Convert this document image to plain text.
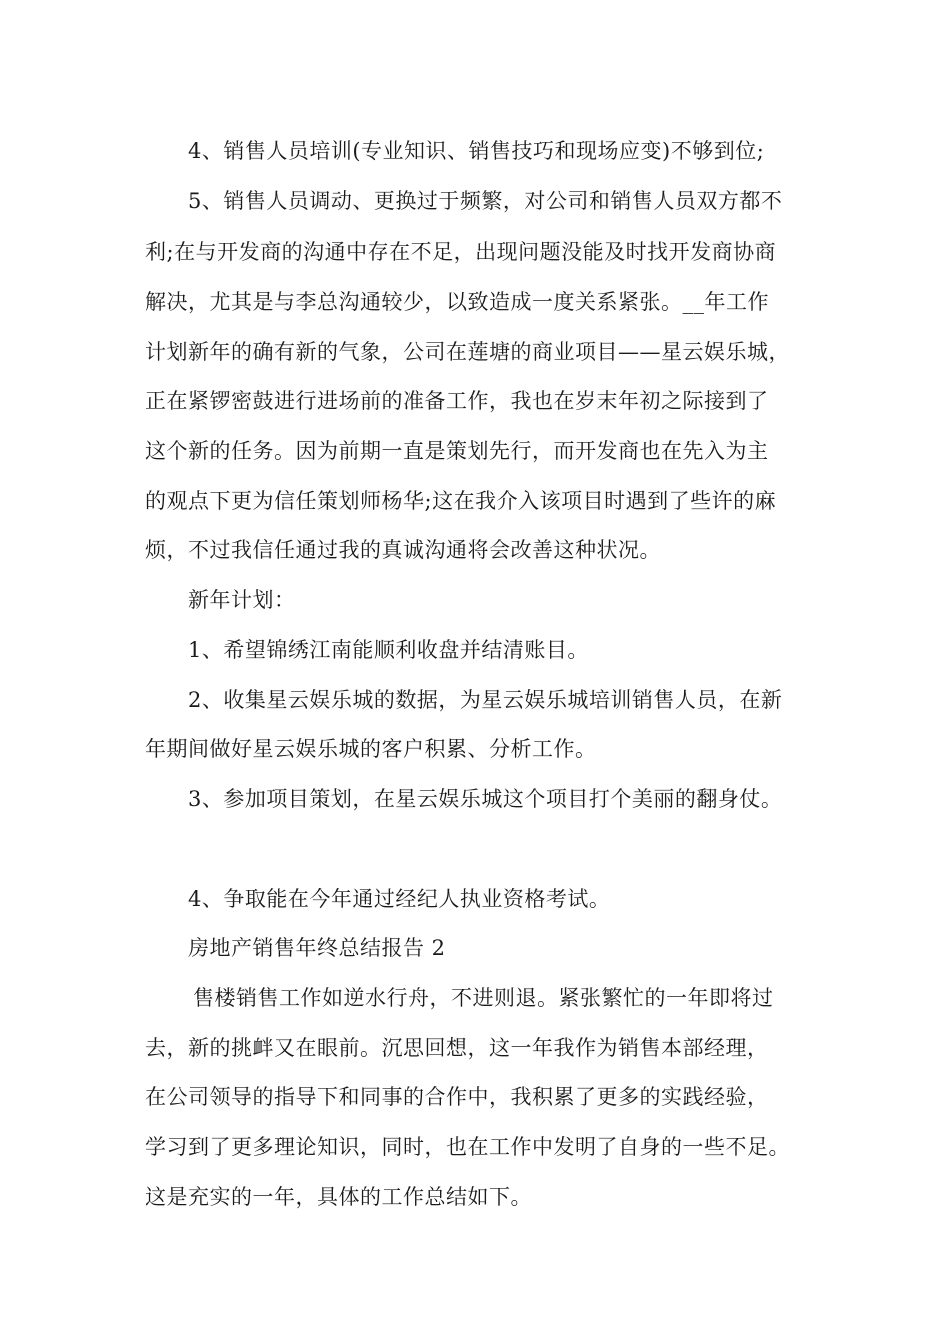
4、销售人员培训(专业知识、销售技巧和现场应变)不够到位;
5、销售人员调动、更换过于频繁，对公司和销售人员双方都不
利;在与开发商的沟通中存在不足，出现问题没能及时找开发商协商
解决，尤其是与李总沟通较少，以致造成一度关系紧张。__年工作
计划新年的确有新的气象，公司在莲塘的商业项目——星云娱乐城，
正在紧锣密鼓进行进场前的准备工作，我也在岁末年初之际接到了
这个新的任务。因为前期一直是策划先行，而开发商也在先入为主
的观点下更为信任策划师杨华;这在我介入该项目时遇到了些许的麻
烦，不过我信任通过我的真诚沟通将会改善这种状况。
新年计划：
1、希望锦绣江南能顺利收盘并结清账目。
2、收集星云娱乐城的数据，为星云娱乐城培训销售人员，在新
年期间做好星云娱乐城的客户积累、分析工作。
3、参加项目策划，在星云娱乐城这个项目打个美丽的翻身仗。
4、争取能在今年通过经纪人执业资格考试。
房地产销售年终总结报告 2
售楼销售工作如逆水行舟，不进则退。紧张繁忙的一年即将过
去，新的挑衅又在眼前。沉思回想，这一年我作为销售本部经理，
在公司领导的指导下和同事的合作中，我积累了更多的实践经验，
学习到了更多理论知识，同时，也在工作中发明了自身的一些不足。
这是充实的一年，具体的工作总结如下。
